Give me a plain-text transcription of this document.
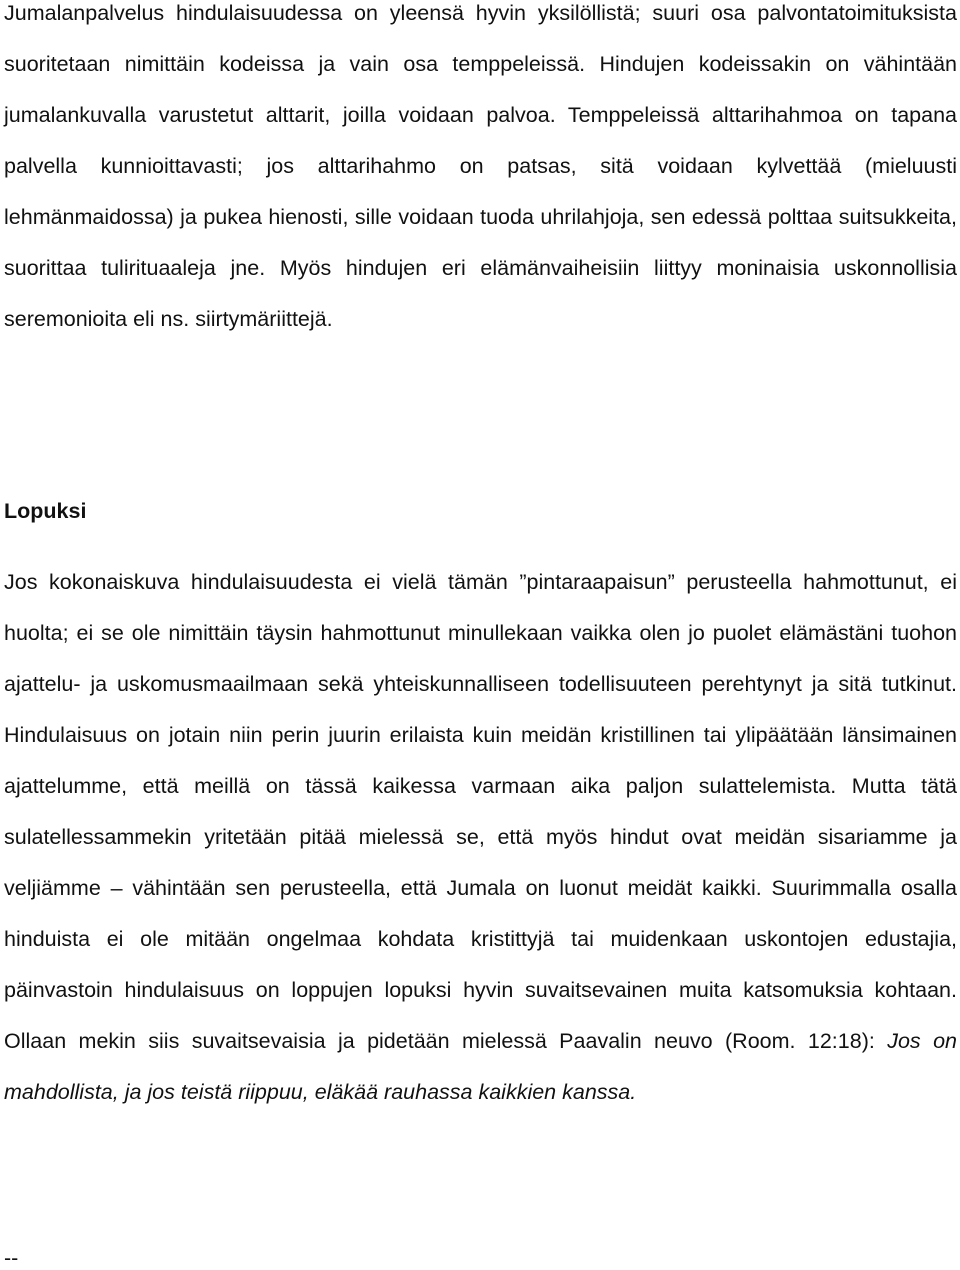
Jumalanpalvelus hindulaisuudessa on yleensä hyvin yksilöllistä; suuri osa palvontatoimituksista suoritetaan nimittäin kodeissa ja vain osa temppeleissä. Hindujen kodeissakin on vähintään jumalankuvalla varustetut alttarit, joilla voidaan palvoa. Temppeleissä alttarihahmoa on tapana palvella kunnioittavasti; jos alttarihahmo on patsas, sitä voidaan kylvettää (mieluusti lehmänmaidossa) ja pukea hienosti, sille voidaan tuoda uhrilahjoja, sen edessä polttaa suitsukkeita, suorittaa tulirituaaleja jne. Myös hindujen eri elämänvaiheisiin liittyy moninaisia uskonnollisia seremonioita eli ns. siirtymäriittejä.

Lopuksi

Jos kokonaiskuva hindulaisuudesta ei vielä tämän ”pintaraapaisun” perusteella hahmottunut, ei huolta; ei se ole nimittäin täysin hahmottunut minullekaan vaikka olen jo puolet elämästäni tuohon ajattelu- ja uskomusmaailmaan sekä yhteiskunnalliseen todellisuuteen perehtynyt ja sitä tutkinut. Hindulaisuus on jotain niin perin juurin erilaista kuin meidän kristillinen tai ylipäätään länsimainen ajattelumme, että meillä on tässä kaikessa varmaan aika paljon sulattelemista. Mutta tätä sulatellessammekin yritetään pitää mielessä se, että myös hindut ovat meidän sisariamme ja veljiämme – vähintään sen perusteella, että Jumala on luonut meidät kaikki. Suurimmalla osalla hinduista ei ole mitään ongelmaa kohdata kristittyjä tai muidenkaan uskontojen edustajia, päinvastoin hindulaisuus on loppujen lopuksi hyvin suvaitsevainen muita katsomuksia kohtaan. Ollaan mekin siis suvaitsevaisia ja pidetään mielessä Paavalin neuvo (Room. 12:18): Jos on mahdollista, ja jos teistä riippuu, eläkää rauhassa kaikkien kanssa.

--
